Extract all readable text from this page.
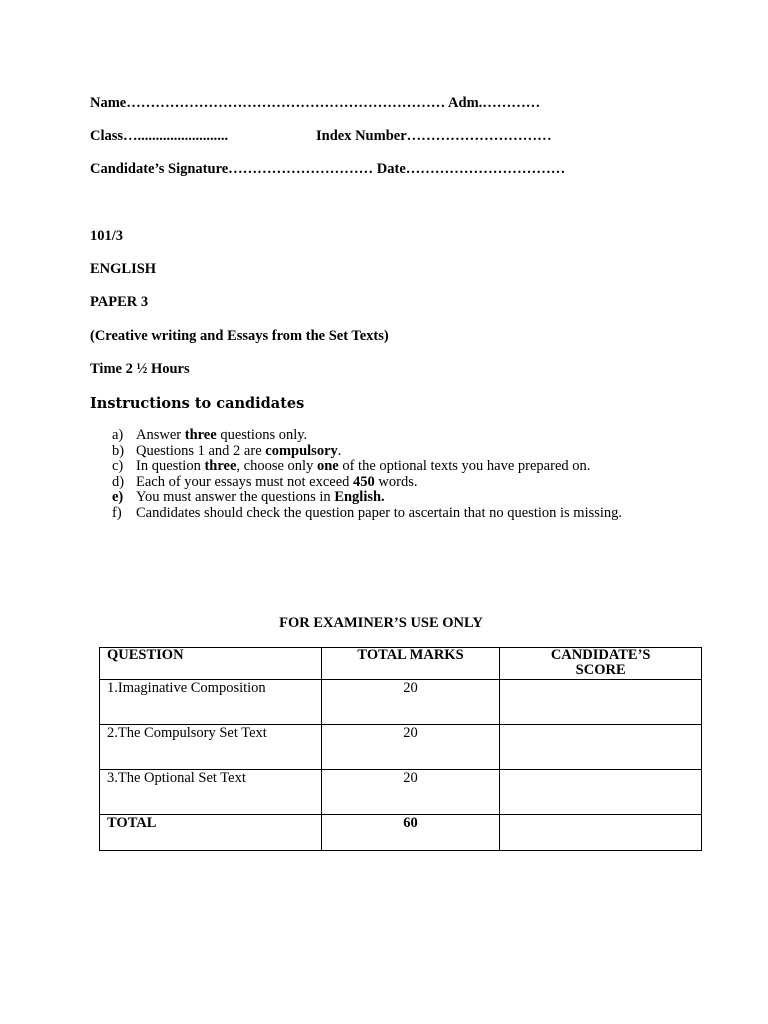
Name………………………………………………………… Adm.…………
Class….........................	Index Number…………………………
Candidate’s Signature………………………… Date……………………………
101/3
ENGLISH
PAPER 3
(Creative writing and Essays from the Set Texts)
Time 2 ½ Hours
Instructions to candidates
a) Answer three questions only.
b) Questions 1 and 2 are compulsory.
c) In question three, choose only one of the optional texts you have prepared on.
d) Each of your essays must not exceed 450 words.
e) You must answer the questions in English.
f) Candidates should check the question paper to ascertain that no question is missing.
FOR EXAMINER’S USE ONLY
QUESTION	TOTAL MARKS	CANDIDATE’S SCORE

1.Imaginative Composition	20	
2.The Compulsory Set Text	20	
3.The Optional Set Text	20	
TOTAL	60	
